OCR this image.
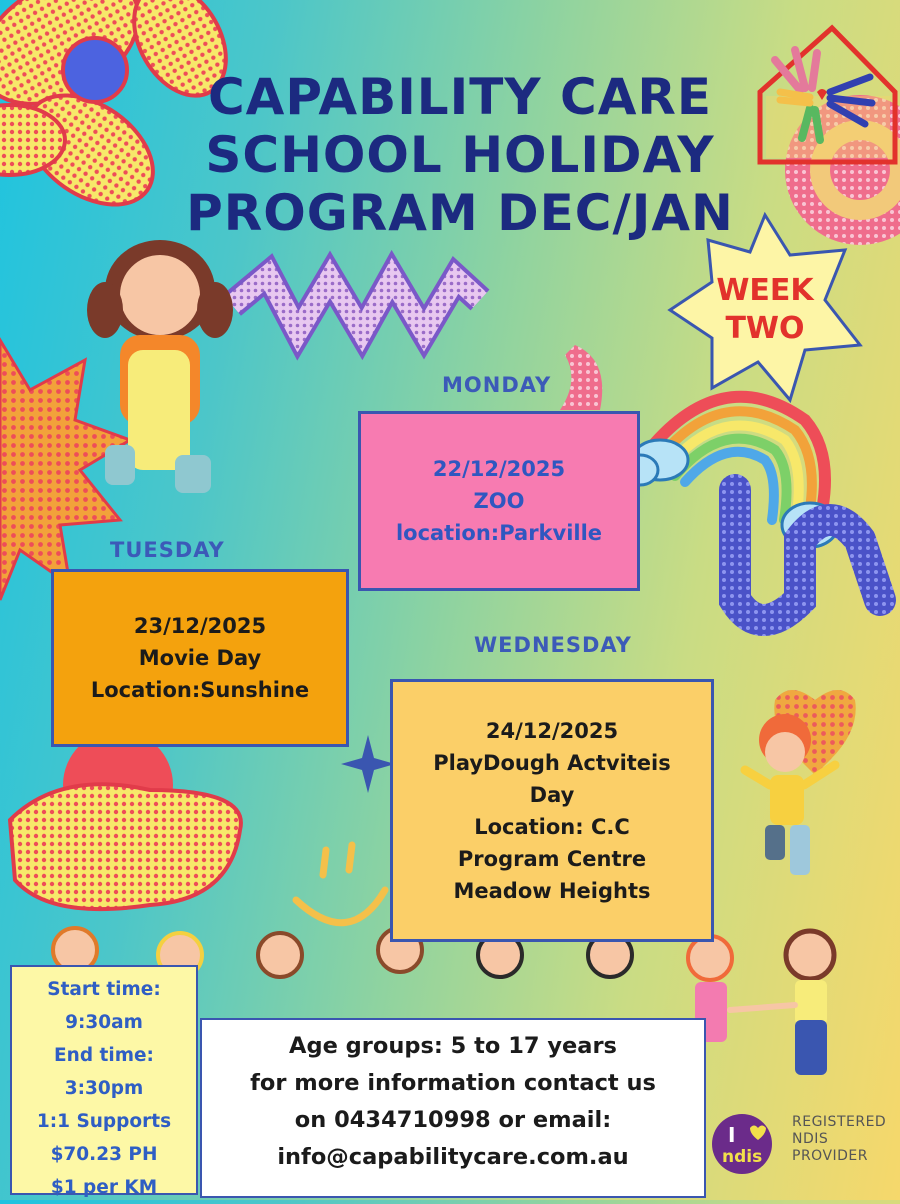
CAPABILITY CARE
SCHOOL HOLIDAY
PROGRAM DEC/JAN
WEEK
TWO
MONDAY
22/12/2025
ZOO
location:Parkville
TUESDAY
23/12/2025
Movie Day
Location:Sunshine
WEDNESDAY
24/12/2025
PlayDough Actviteis
Day
Location: C.C
Program Centre
Meadow Heights
Start time:
9:30am
End time:
3:30pm
1:1 Supports
$70.23 PH
$1 per KM
Age groups: 5 to 17 years
for more information contact us
on 0434710998 or email:
info@capabilitycare.com.au
I
ndis
REGISTERED
NDIS
PROVIDER
